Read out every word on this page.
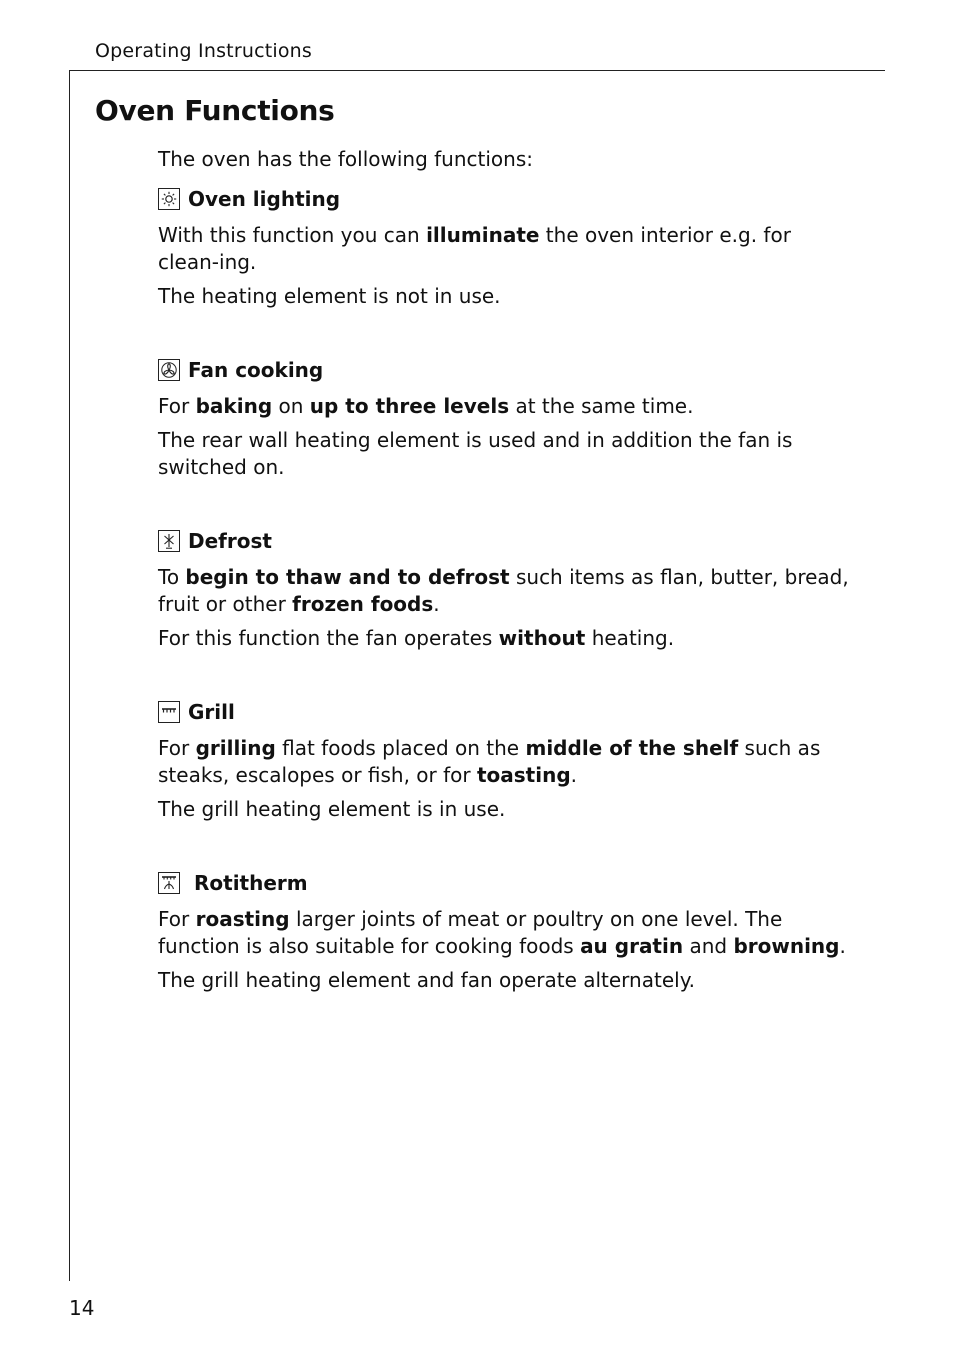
Operating Instructions
Oven Functions

The oven has the following functions:

Oven lighting

With this function you can illuminate the oven interior e.g. for clean-ing.

The heating element is not in use.

Fan cooking

For baking on up to three levels at the same time.

The rear wall heating element is used and in addition the fan is switched on.

Defrost

To begin to thaw and to defrost such items as flan, butter, bread, fruit or other frozen foods.

For this function the fan operates without heating.

Grill

For grilling flat foods placed on the middle of the shelf such as steaks, escalopes or fish, or for toasting.

The grill heating element is in use.

Rotitherm

For roasting larger joints of meat or poultry on one level. The function is also suitable for cooking foods au gratin and browning.

The grill heating element and fan operate alternately.

14
